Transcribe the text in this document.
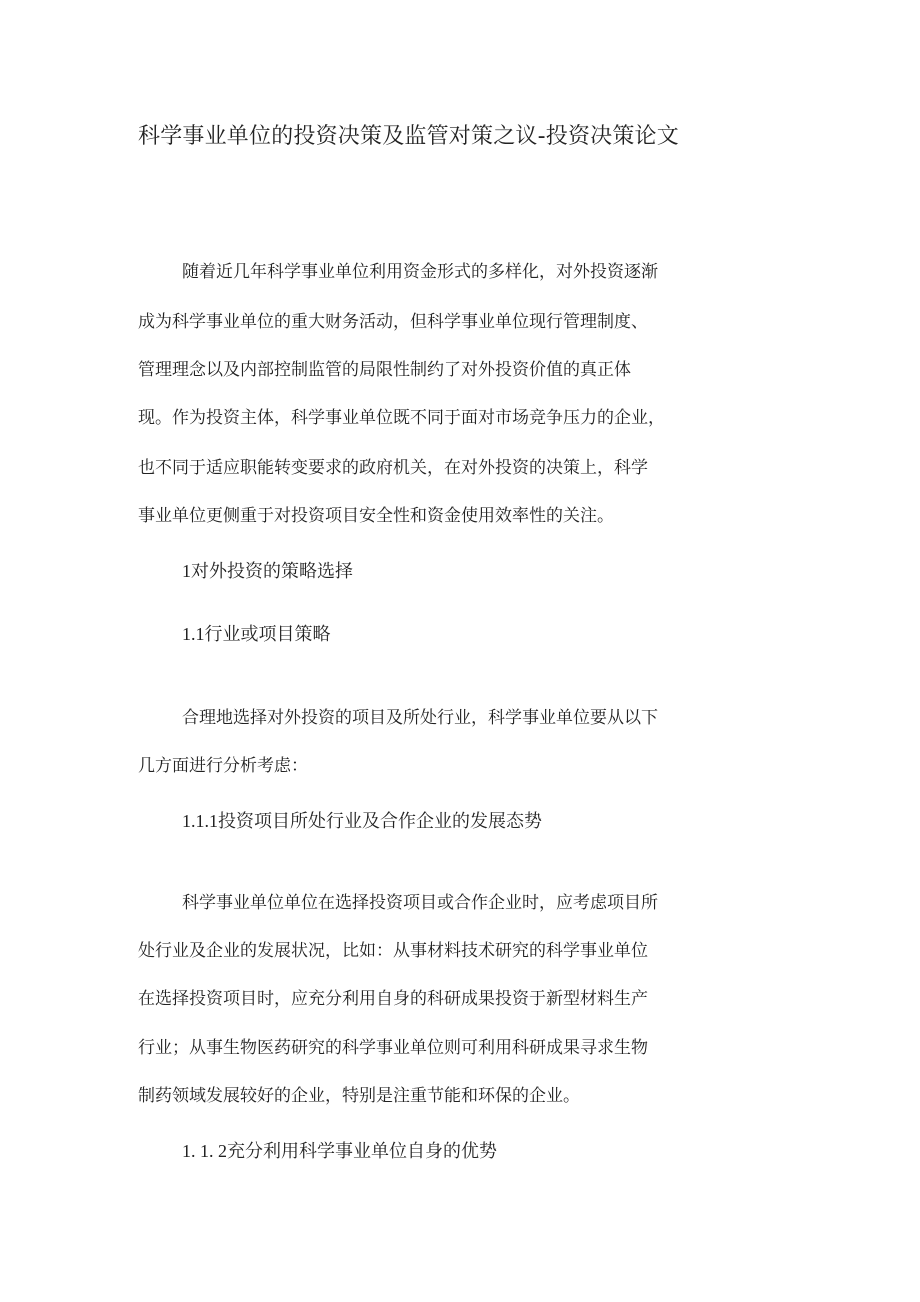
科学事业单位的投资决策及监管对策之议-投资决策论文
随着近几年科学事业单位利用资金形式的多样化，对外投资逐渐
成为科学事业单位的重大财务活动，但科学事业单位现行管理制度、
管理理念以及内部控制监管的局限性制约了对外投资价值的真正体
现。作为投资主体，科学事业单位既不同于面对市场竞争压力的企业，
也不同于适应职能转变要求的政府机关，在对外投资的决策上，科学
事业单位更侧重于对投资项目安全性和资金使用效率性的关注。
1对外投资的策略选择
1.1行业或项目策略
合理地选择对外投资的项目及所处行业，科学事业单位要从以下
几方面进行分析考虑：
1.1.1投资项目所处行业及合作企业的发展态势
科学事业单位单位在选择投资项目或合作企业时，应考虑项目所
处行业及企业的发展状况，比如：从事材料技术研究的科学事业单位
在选择投资项目时，应充分利用自身的科研成果投资于新型材料生产
行业；从事生物医药研究的科学事业单位则可利用科研成果寻求生物
制药领域发展较好的企业，特别是注重节能和环保的企业。
1. 1. 2充分利用科学事业单位自身的优势
